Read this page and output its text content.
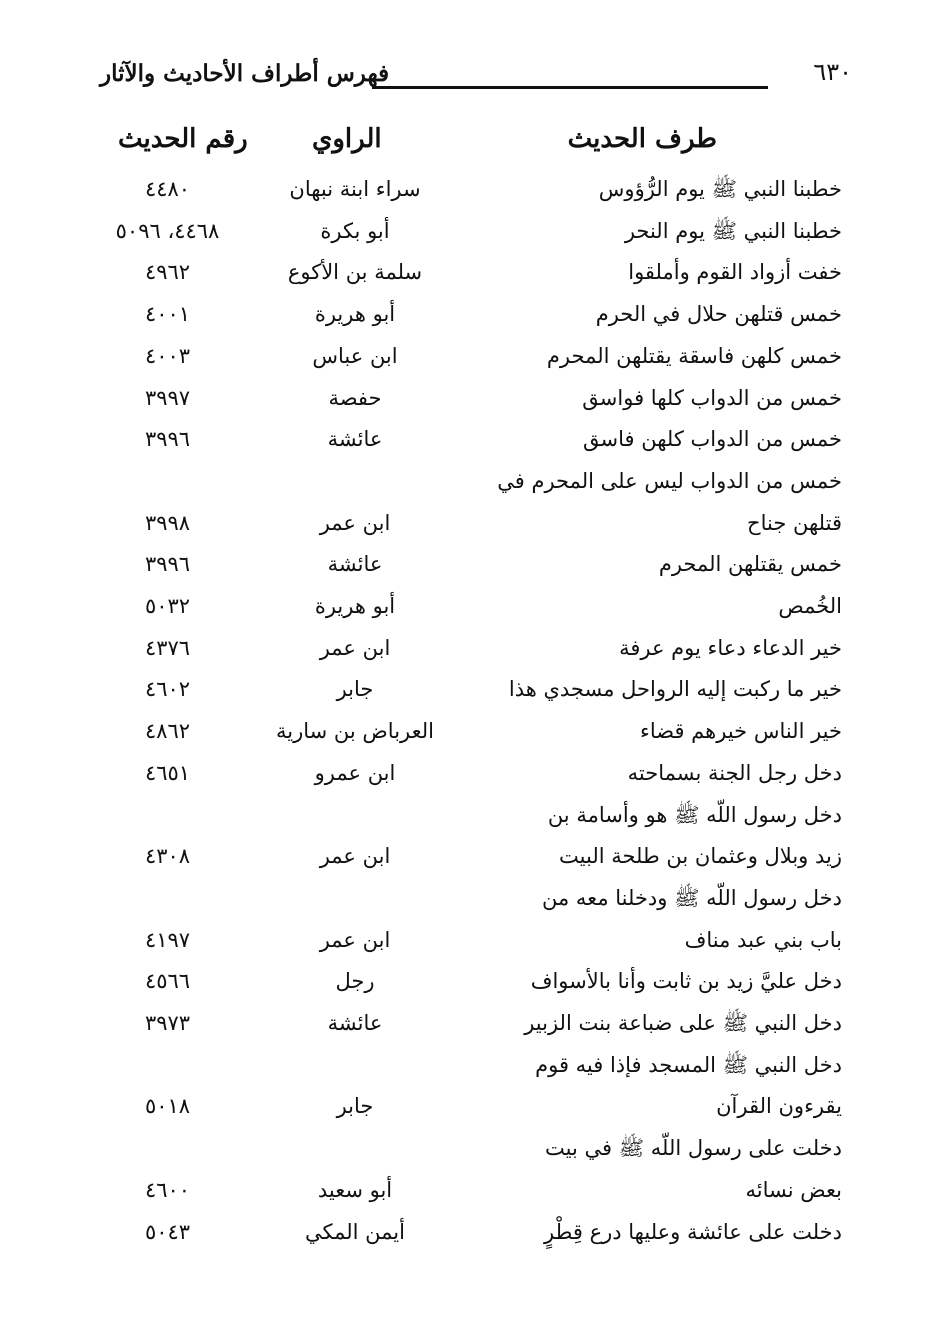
٦٣٠
فهرس أطراف الأحاديث والآثار
طرف الحديث
الراوي
رقم الحديث
خطبنا النبي ﷺ يوم الرُّؤوس
سراء ابنة نبهان
٤٤٨٠
خطبنا النبي ﷺ يوم النحر
أبو بكرة
٤٤٦٨، ٥٠٩٦
خفت أزواد القوم وأملقوا
سلمة بن الأكوع
٤٩٦٢
خمس قتلهن حلال في الحرم
أبو هريرة
٤٠٠١
خمس كلهن فاسقة يقتلهن المحرم
ابن عباس
٤٠٠٣
خمس من الدواب كلها فواسق
حفصة
٣٩٩٧
خمس من الدواب كلهن فاسق
عائشة
٣٩٩٦
خمس من الدواب ليس على المحرم في
قتلهن جناح
ابن عمر
٣٩٩٨
خمس يقتلهن المحرم
عائشة
٣٩٩٦
الخُمص
أبو هريرة
٥٠٣٢
خير الدعاء دعاء يوم عرفة
ابن عمر
٤٣٧٦
خير ما ركبت إليه الرواحل مسجدي هذا
جابر
٤٦٠٢
خير الناس خيرهم قضاء
العرباض بن سارية
٤٨٦٢
دخل رجل الجنة بسماحته
ابن عمرو
٤٦٥١
دخل رسول اللّه ﷺ هو وأسامة بن
زيد وبلال وعثمان بن طلحة البيت
ابن عمر
٤٣٠٨
دخل رسول اللّه ﷺ ودخلنا معه من
باب بني عبد مناف
ابن عمر
٤١٩٧
دخل عليَّ زيد بن ثابت وأنا بالأسواف
رجل
٤٥٦٦
دخل النبي ﷺ على ضباعة بنت الزبير
عائشة
٣٩٧٣
دخل النبي ﷺ المسجد فإذا فيه قوم
يقرءون القرآن
جابر
٥٠١٨
دخلت على رسول اللّه ﷺ في بيت
بعض نسائه
أبو سعيد
٤٦٠٠
دخلت على عائشة وعليها درع قِطْرٍ
أيمن المكي
٥٠٤٣
